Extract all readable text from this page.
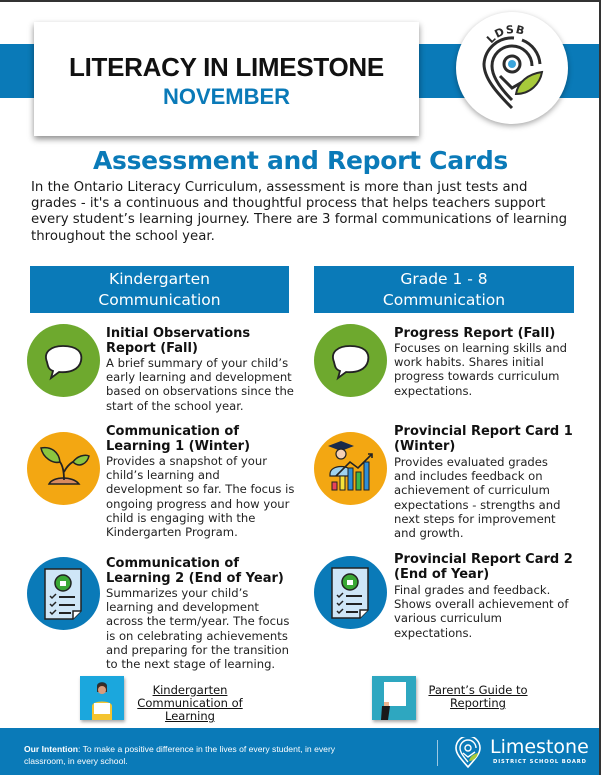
LITERACY IN LIMESTONE
NOVEMBER
LDSB
Assessment and Report Cards
In the Ontario Literacy Curriculum, assessment is more than just tests and grades - it's a continuous and thoughtful process that helps teachers support every student’s learning journey. There are 3 formal communications of learning throughout the school year.
Kindergarten
Communication
Grade 1 - 8
Communication
Initial Observations Report (Fall)
A brief summary of your child’s early learning and development based on observations since the start of the school year.
Communication of Learning 1 (Winter)
Provides a snapshot of your child’s learning and development so far. The focus is ongoing progress and how your child is engaging with the Kindergarten Program.
Communication of Learning 2 (End of Year)
Summarizes your child’s learning and development across the term/year. The focus is on celebrating achievements and preparing for the transition to the next stage of learning.
Progress Report (Fall)
Focuses on learning skills and work habits. Shares initial progress towards curriculum expectations.
Provincial Report Card 1 (Winter)
Provides evaluated grades and includes feedback on achievement of curriculum expectations - strengths and next steps for improvement and growth.
Provincial Report Card 2 (End of Year)
Final grades and feedback. Shows overall achievement of various curriculum expectations.
Kindergarten Communication of Learning
Parent’s Guide to Reporting
Our Intention: To make a positive difference in the lives of every student, in every classroom, in every school.
Limestone
DISTRICT SCHOOL BOARD
